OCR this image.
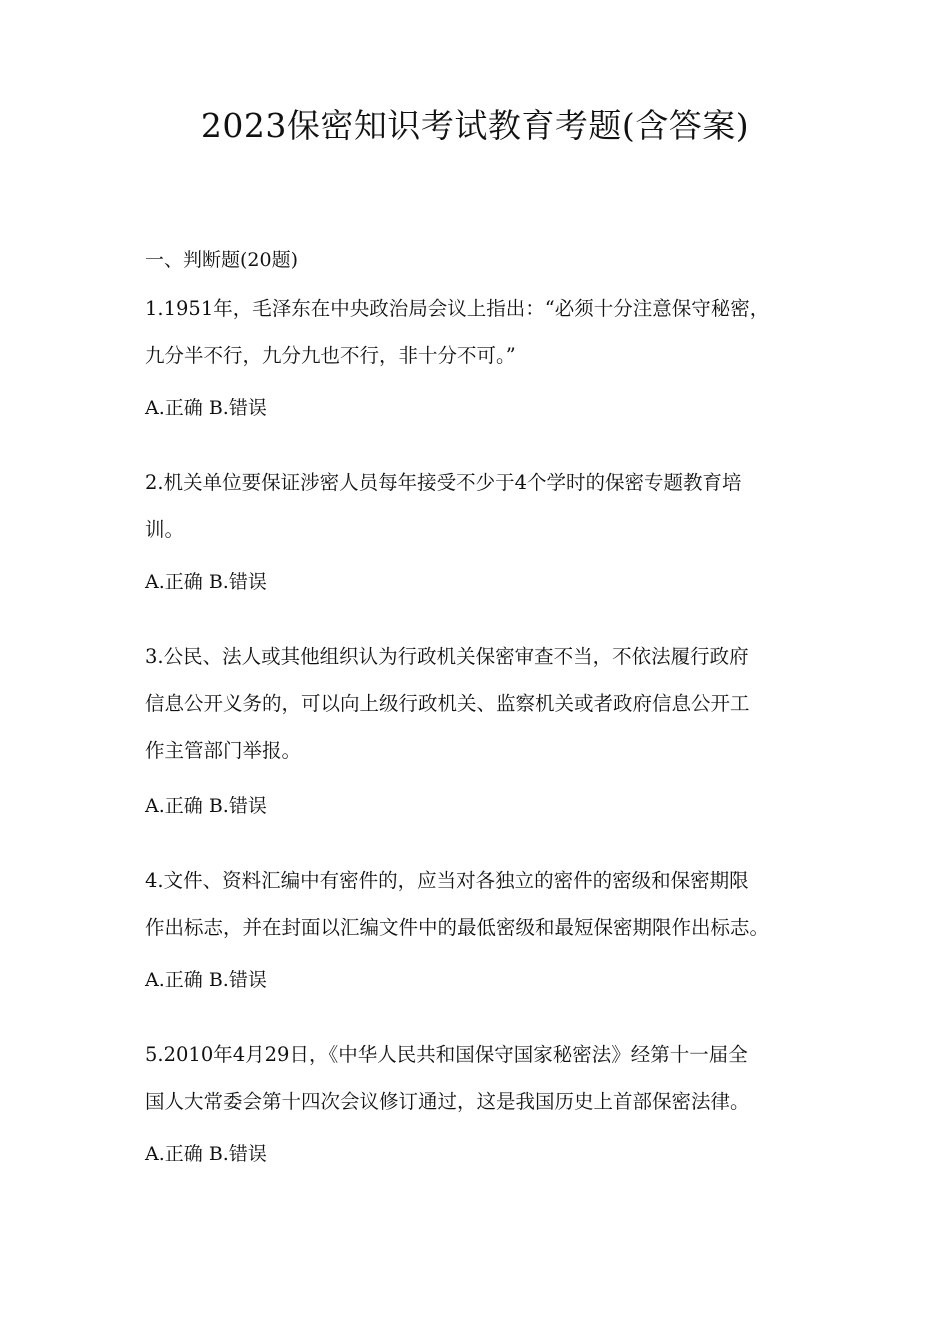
2023保密知识考试教育考题(含答案)
一、判断题(20题)
1.1951年，毛泽东在中央政治局会议上指出：“必须十分注意保守秘密，
九分半不行，九分九也不行，非十分不可。”
A.正确 B.错误
2.机关单位要保证涉密人员每年接受不少于4个学时的保密专题教育培
训。
A.正确 B.错误
3.公民、法人或其他组织认为行政机关保密审查不当，不依法履行政府
信息公开义务的，可以向上级行政机关、监察机关或者政府信息公开工
作主管部门举报。
A.正确 B.错误
4.文件、资料汇编中有密件的，应当对各独立的密件的密级和保密期限
作出标志，并在封面以汇编文件中的最低密级和最短保密期限作出标志。
A.正确 B.错误
5.2010年4月29日，《中华人民共和国保守国家秘密法》经第十一届全
国人大常委会第十四次会议修订通过，这是我国历史上首部保密法律。
A.正确 B.错误
